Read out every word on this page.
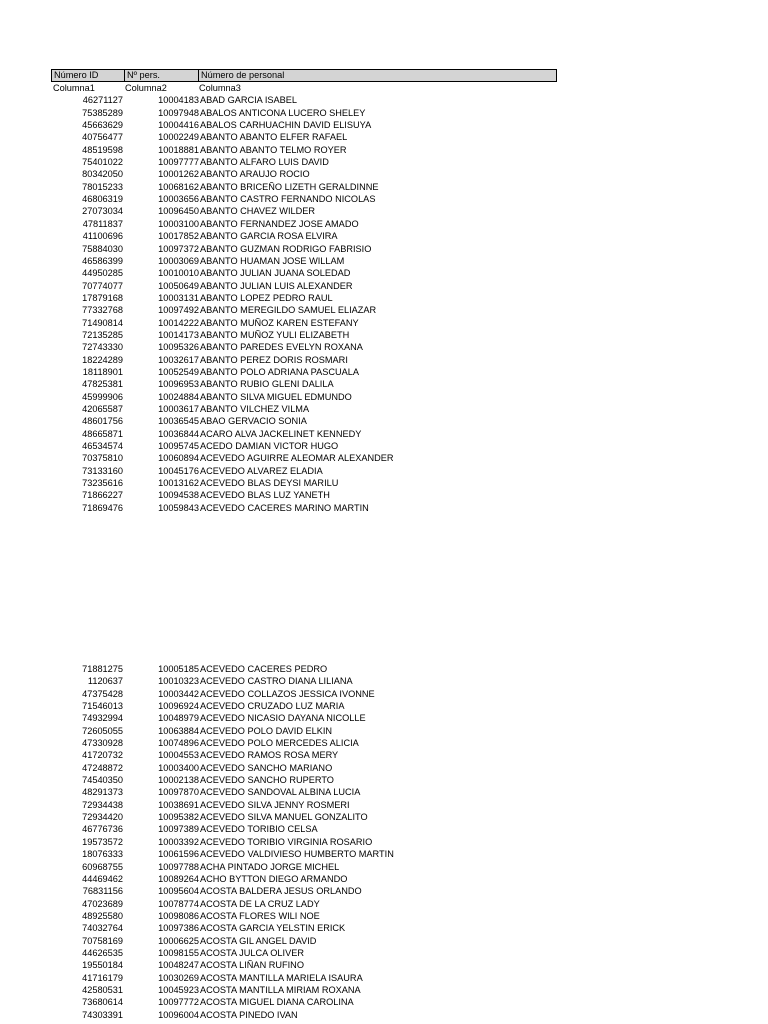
Número ID	Nº pers.	Número de personal
Columna1	Columna2	Columna3
46271127	10004183 ABAD GARCIA ISABEL
75385289	10097948 ABALOS ANTICONA LUCERO SHELEY
45663629	10004416 ABALOS CARHUACHIN DAVID ELISUYA
40756477	10002249 ABANTO ABANTO ELFER RAFAEL
48519598	10018881 ABANTO ABANTO TELMO ROYER
75401022	10097777 ABANTO ALFARO LUIS DAVID
80342050	10001262 ABANTO ARAUJO ROCIO
78015233	10068162 ABANTO BRICEÑO LIZETH GERALDINNE
46806319	10003656 ABANTO CASTRO FERNANDO NICOLAS
27073034	10096450 ABANTO CHAVEZ WILDER
47811837	10003100 ABANTO FERNANDEZ JOSE AMADO
41100696	10017852 ABANTO GARCIA ROSA ELVIRA
75884030	10097372 ABANTO GUZMAN RODRIGO FABRISIO
46586399	10003069 ABANTO HUAMAN JOSE WILLAM
44950285	10010010 ABANTO JULIAN JUANA SOLEDAD
70774077	10050649 ABANTO JULIAN LUIS ALEXANDER
17879168	10003131 ABANTO LOPEZ PEDRO RAUL
77332768	10097492 ABANTO MEREGILDO SAMUEL ELIAZAR
71490814	10014222 ABANTO MUÑOZ KAREN ESTEFANY
72135285	10014173 ABANTO MUÑOZ YULI ELIZABETH
72743330	10095326 ABANTO PAREDES EVELYN ROXANA
18224289	10032617 ABANTO PEREZ DORIS ROSMARI
18118901	10052549 ABANTO POLO ADRIANA PASCUALA
47825381	10096953 ABANTO RUBIO GLENI DALILA
45999906	10024884 ABANTO SILVA MIGUEL EDMUNDO
42065587	10003617 ABANTO VILCHEZ VILMA
48601756	10036545 ABAO GERVACIO SONIA
48665871	10036844 ACARO ALVA JACKELINET KENNEDY
46534574	10095745 ACEDO DAMIAN VICTOR HUGO
70375810	10060894 ACEVEDO AGUIRRE ALEOMAR ALEXANDER
73133160	10045176 ACEVEDO ALVAREZ ELADIA
73235616	10013162 ACEVEDO BLAS DEYSI MARILU
71866227	10094538 ACEVEDO BLAS LUZ YANETH
71869476	10059843 ACEVEDO CACERES MARINO MARTIN
71881275	10005185 ACEVEDO CACERES PEDRO
1120637	10010323 ACEVEDO CASTRO DIANA LILIANA
47375428	10003442 ACEVEDO COLLAZOS JESSICA IVONNE
71546013	10096924 ACEVEDO CRUZADO LUZ MARIA
74932994	10048979 ACEVEDO NICASIO DAYANA NICOLLE
72605055	10063884 ACEVEDO POLO DAVID ELKIN
47330928	10074896 ACEVEDO POLO MERCEDES ALICIA
41720732	10004553 ACEVEDO RAMOS ROSA MERY
47248872	10003400 ACEVEDO SANCHO MARIANO
74540350	10002138 ACEVEDO SANCHO RUPERTO
48291373	10097870 ACEVEDO SANDOVAL ALBINA LUCIA
72934438	10038691 ACEVEDO SILVA JENNY ROSMERI
72934420	10095382 ACEVEDO SILVA MANUEL GONZALITO
46776736	10097389 ACEVEDO TORIBIO CELSA
19573572	10003392 ACEVEDO TORIBIO VIRGINIA ROSARIO
18076333	10061596 ACEVEDO VALDIVIESO HUMBERTO MARTIN
60968755	10097788 ACHA PINTADO JORGE MICHEL
44469462	10089264 ACHO BYTTON DIEGO ARMANDO
76831156	10095604 ACOSTA BALDERA JESUS ORLANDO
47023689	10078774 ACOSTA DE LA CRUZ LADY
48925580	10098086 ACOSTA FLORES WILI NOE
74032764	10097386 ACOSTA GARCIA YELSTIN ERICK
70758169	10006625 ACOSTA GIL ANGEL DAVID
44626535	10098155 ACOSTA JULCA OLIVER
19550184	10048247 ACOSTA LIÑAN RUFINO
41716179	10030269 ACOSTA MANTILLA MARIELA ISAURA
42580531	10045923 ACOSTA MANTILLA MIRIAM ROXANA
73680614	10097772 ACOSTA MIGUEL DIANA CAROLINA
74303391	10096004 ACOSTA PINEDO IVAN
